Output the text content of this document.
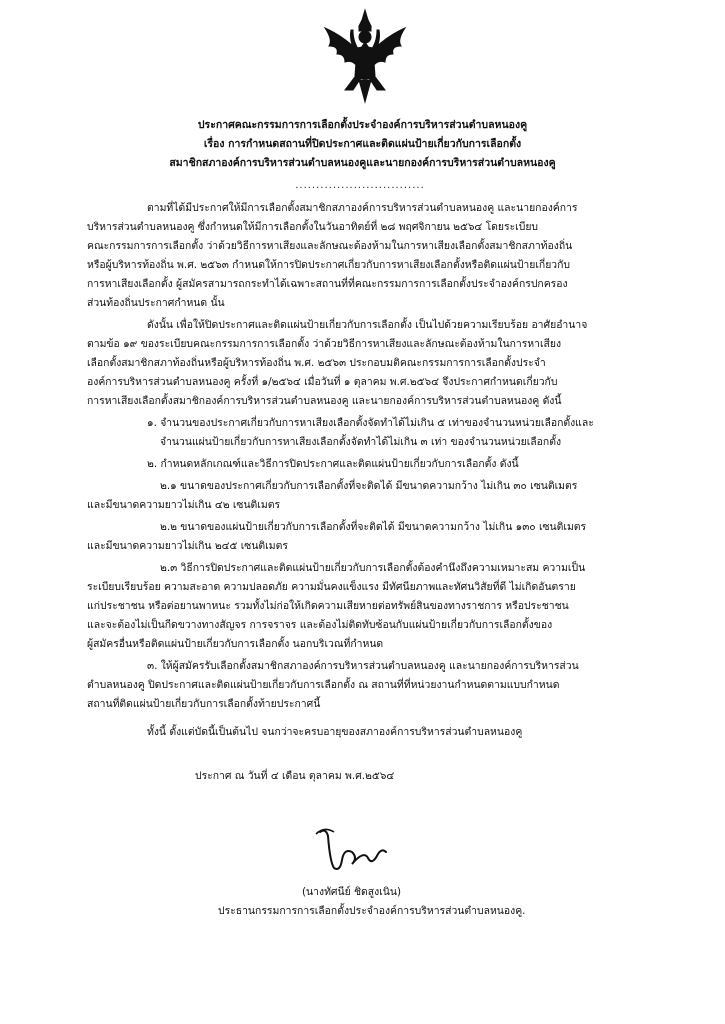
ประกาศคณะกรรมการการเลือกตั้งประจำองค์การบริหารส่วนตำบลหนองคู
เรื่อง การกำหนดสถานที่ปิดประกาศและติดแผ่นป้ายเกี่ยวกับการเลือกตั้ง
สมาชิกสภาองค์การบริหารส่วนตำบลหนองคูและนายกองค์การบริหารส่วนตำบลหนองคู
...............................
ตามที่ได้มีประกาศให้มีการเลือกตั้งสมาชิกสภาองค์การบริหารส่วนตำบลหนองคู และนายกองค์การ
บริหารส่วนตำบลหนองคู ซึ่งกำหนดให้มีการเลือกตั้งในวันอาทิตย์ที่ ๒๘ พฤศจิกายน ๒๕๖๔ โดยระเบียบ
คณะกรรมการการเลือกตั้ง ว่าด้วยวิธีการหาเสียงและลักษณะต้องห้ามในการหาเสียงเลือกตั้งสมาชิกสภาท้องถิ่น
หรือผู้บริหารท้องถิ่น พ.ศ. ๒๕๖๓ กำหนดให้การปิดประกาศเกี่ยวกับการหาเสียงเลือกตั้งหรือติดแผ่นป้ายเกี่ยวกับ
การหาเสียงเลือกตั้ง ผู้สมัครสามารถกระทำได้เฉพาะสถานที่ที่คณะกรรมการการเลือกตั้งประจำองค์กรปกครอง
ส่วนท้องถิ่นประกาศกำหนด นั้น
ดังนั้น เพื่อให้ปิดประกาศและติดแผ่นป้ายเกี่ยวกับการเลือกตั้ง เป็นไปด้วยความเรียบร้อย อาศัยอำนาจ
ตามข้อ ๑๙ ของระเบียบคณะกรรมการการเลือกตั้ง ว่าด้วยวิธีการหาเสียงและลักษณะต้องห้ามในการหาเสียง
เลือกตั้งสมาชิกสภาท้องถิ่นหรือผู้บริหารท้องถิ่น พ.ศ. ๒๕๖๓ ประกอบมติคณะกรรมการการเลือกตั้งประจำ
องค์การบริหารส่วนตำบลหนองคู ครั้งที่ ๑/๒๕๖๔ เมื่อวันที่ ๑ ตุลาคม พ.ศ.๒๕๖๔ จึงประกาศกำหนดเกี่ยวกับ
การหาเสียงเลือกตั้งสมาชิกองค์การบริหารส่วนตำบลหนองคู และนายกองค์การบริหารส่วนตำบลหนองคู ดังนี้
๑. จำนวนของประกาศเกี่ยวกับการหาเสียงเลือกตั้งจัดทำได้ไม่เกิน ๕ เท่าของจำนวนหน่วยเลือกตั้งและ
จำนวนแผ่นป้ายเกี่ยวกับการหาเสียงเลือกตั้งจัดทำได้ไม่เกิน ๓ เท่า ของจำนวนหน่วยเลือกตั้ง
๒. กำหนดหลักเกณฑ์และวิธีการปิดประกาศและติดแผ่นป้ายเกี่ยวกับการเลือกตั้ง ดังนี้
๒.๑ ขนาดของประกาศเกี่ยวกับการเลือกตั้งที่จะติดได้ มีขนาดความกว้าง ไม่เกิน ๓๐ เซนติเมตร
และมีขนาดความยาวไม่เกิน ๔๒ เซนติเมตร
๒.๒ ขนาดของแผ่นป้ายเกี่ยวกับการเลือกตั้งที่จะติดได้ มีขนาดความกว้าง ไม่เกิน ๑๓๐ เซนติเมตร
และมีขนาดความยาวไม่เกิน ๒๔๕ เซนติเมตร
๒.๓ วิธีการปิดประกาศและติดแผ่นป้ายเกี่ยวกับการเลือกตั้งต้องคำนึงถึงความเหมาะสม ความเป็น
ระเบียบเรียบร้อย ความสะอาด ความปลอดภัย ความมั่นคงแข็งแรง มีทัศนียภาพและทัศนวิสัยที่ดี ไม่เกิดอันตราย
แก่ประชาชน หรือต่อยานพาหนะ รวมทั้งไม่ก่อให้เกิดความเสียหายต่อทรัพย์สินของทางราชการ หรือประชาชน
และจะต้องไม่เป็นกีดขวางทางสัญจร การจราจร และต้องไม่ติดทับซ้อนกับแผ่นป้ายเกี่ยวกับการเลือกตั้งของ
ผู้สมัครอื่นหรือติดแผ่นป้ายเกี่ยวกับการเลือกตั้ง นอกบริเวณที่กำหนด
๓. ให้ผู้สมัครรับเลือกตั้งสมาชิกสภาองค์การบริหารส่วนตำบลหนองคู และนายกองค์การบริหารส่วน
ตำบลหนองคู ปิดประกาศและติดแผ่นป้ายเกี่ยวกับการเลือกตั้ง ณ สถานที่ที่หน่วยงานกำหนดตามแบบกำหนด
สถานที่ติดแผ่นป้ายเกี่ยวกับการเลือกตั้งท้ายประกาศนี้
ทั้งนี้ ตั้งแต่บัดนี้เป็นต้นไป จนกว่าจะครบอายุของสภาองค์การบริหารส่วนตำบลหนองคู
ประกาศ ณ วันที่ ๔ เดือน ตุลาคม พ.ศ.๒๕๖๔
(นางทัศนีย์ ชิดสูงเนิน)
ประธานกรรมการการเลือกตั้งประจำองค์การบริหารส่วนตำบลหนองคู.
